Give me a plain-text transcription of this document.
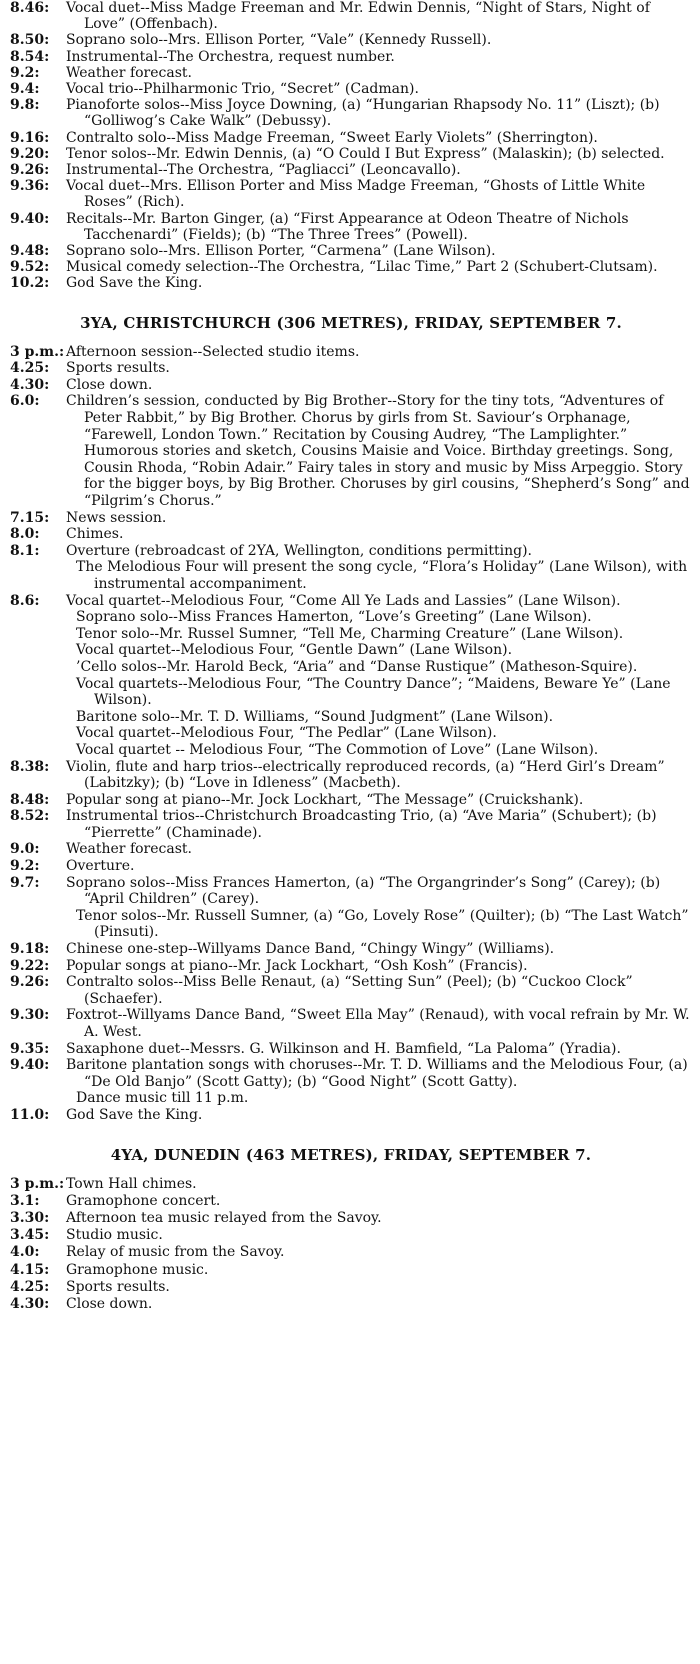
8.46:	Vocal duet--Miss Madge Freeman and Mr. Edwin Dennis, “Night of Stars, Night of Love” (Offenbach).
8.50:	Soprano solo--Mrs. Ellison Porter, “Vale” (Kennedy Russell).
8.54:	Instrumental--The Orchestra, request number.
9.2:	Weather forecast.
9.4:	Vocal trio--Philharmonic Trio, “Secret” (Cadman).
9.8:	Pianoforte solos--Miss Joyce Downing, (a) “Hungarian Rhapsody No. 11” (Liszt); (b) “Golliwog’s Cake Walk” (Debussy).
9.16:	Contralto solo--Miss Madge Freeman, “Sweet Early Violets” (Sherrington).
9.20:	Tenor solos--Mr. Edwin Dennis, (a) “O Could I But Express” (Malaskin); (b) selected.
9.26:	Instrumental--The Orchestra, “Pagliacci” (Leoncavallo).
9.36:	Vocal duet--Mrs. Ellison Porter and Miss Madge Freeman, “Ghosts of Little White Roses” (Rich).
9.40:	Recitals--Mr. Barton Ginger, (a) “First Appearance at Odeon Theatre of Nichols Tacchenardi” (Fields); (b) “The Three Trees” (Powell).
9.48:	Soprano solo--Mrs. Ellison Porter, “Carmena” (Lane Wilson).
9.52:	Musical comedy selection--The Orchestra, “Lilac Time,” Part 2 (Schubert-Clutsam).
10.2:	God Save the King.
3YA, CHRISTCHURCH (306 METRES), FRIDAY, SEPTEMBER 7.
3 p.m.: Afternoon session--Selected studio items.
4.25:	Sports results.
4.30:	Close down.
6.0:	Children’s session, conducted by Big Brother--Story for the tiny tots, “Adventures of Peter Rabbit,” by Big Brother. Chorus by girls from St. Saviour’s Orphanage, “Farewell, London Town.” Recitation by Cousing Audrey, “The Lamplighter.” Humorous stories and sketch, Cousins Maisie and Voice. Birthday greetings. Song, Cousin Rhoda, “Robin Adair.” Fairy tales in story and music by Miss Arpeggio. Story for the bigger boys, by Big Brother. Choruses by girl cousins, “Shepherd’s Song” and “Pilgrim’s Chorus.”
7.15:	News session.
8.0:	Chimes.
8.1:	Overture (rebroadcast of 2YA, Wellington, conditions permitting).
The Melodious Four will present the song cycle, “Flora’s Holiday” (Lane Wilson), with instrumental accompaniment.
8.6:	Vocal quartet--Melodious Four, “Come All Ye Lads and Lassies” (Lane Wilson).
Soprano solo--Miss Frances Hamerton, “Love’s Greeting” (Lane Wilson).
Tenor solo--Mr. Russel Sumner, “Tell Me, Charming Creature” (Lane Wilson).
Vocal quartet--Melodious Four, “Gentle Dawn” (Lane Wilson).
’Cello solos--Mr. Harold Beck, “Aria” and “Danse Rustique” (Matheson-Squire).
Vocal quartets--Melodious Four, “The Country Dance”; “Maidens, Beware Ye” (Lane Wilson).
Baritone solo--Mr. T. D. Williams, “Sound Judgment” (Lane Wilson).
Vocal quartet--Melodious Four, “The Pedlar” (Lane Wilson).
Vocal quartet -- Melodious Four, “The Commotion of Love” (Lane Wilson).
8.38:	Violin, flute and harp trios--electrically reproduced records, (a) “Herd Girl’s Dream” (Labitzky); (b) “Love in Idleness” (Macbeth).
8.48:	Popular song at piano--Mr. Jock Lockhart, “The Message” (Cruickshank).
8.52:	Instrumental trios--Christchurch Broadcasting Trio, (a) “Ave Maria” (Schubert); (b) “Pierrette” (Chaminade).
9.0:	Weather forecast.
9.2:	Overture.
9.7:	Soprano solos--Miss Frances Hamerton, (a) “The Organgrinder’s Song” (Carey); (b) “April Children” (Carey).
Tenor solos--Mr. Russell Sumner, (a) “Go, Lovely Rose” (Quilter); (b) “The Last Watch” (Pinsuti).
9.18:	Chinese one-step--Willyams Dance Band, “Chingy Wingy” (Williams).
9.22:	Popular songs at piano--Mr. Jack Lockhart, “Osh Kosh” (Francis).
9.26:	Contralto solos--Miss Belle Renaut, (a) “Setting Sun” (Peel); (b) “Cuckoo Clock” (Schaefer).
9.30:	Foxtrot--Willyams Dance Band, “Sweet Ella May” (Renaud), with vocal refrain by Mr. W. A. West.
9.35:	Saxaphone duet--Messrs. G. Wilkinson and H. Bamfield, “La Paloma” (Yradia).
9.40:	Baritone plantation songs with choruses--Mr. T. D. Williams and the Melodious Four, (a) “De Old Banjo” (Scott Gatty); (b) “Good Night” (Scott Gatty).
Dance music till 11 p.m.
11.0:	God Save the King.
4YA, DUNEDIN (463 METRES), FRIDAY, SEPTEMBER 7.
3 p.m.: Town Hall chimes.
3.1:	Gramophone concert.
3.30:	Afternoon tea music relayed from the Savoy.
3.45:	Studio music.
4.0:	Relay of music from the Savoy.
4.15:	Gramophone music.
4.25:	Sports results.
4.30:	Close down.
